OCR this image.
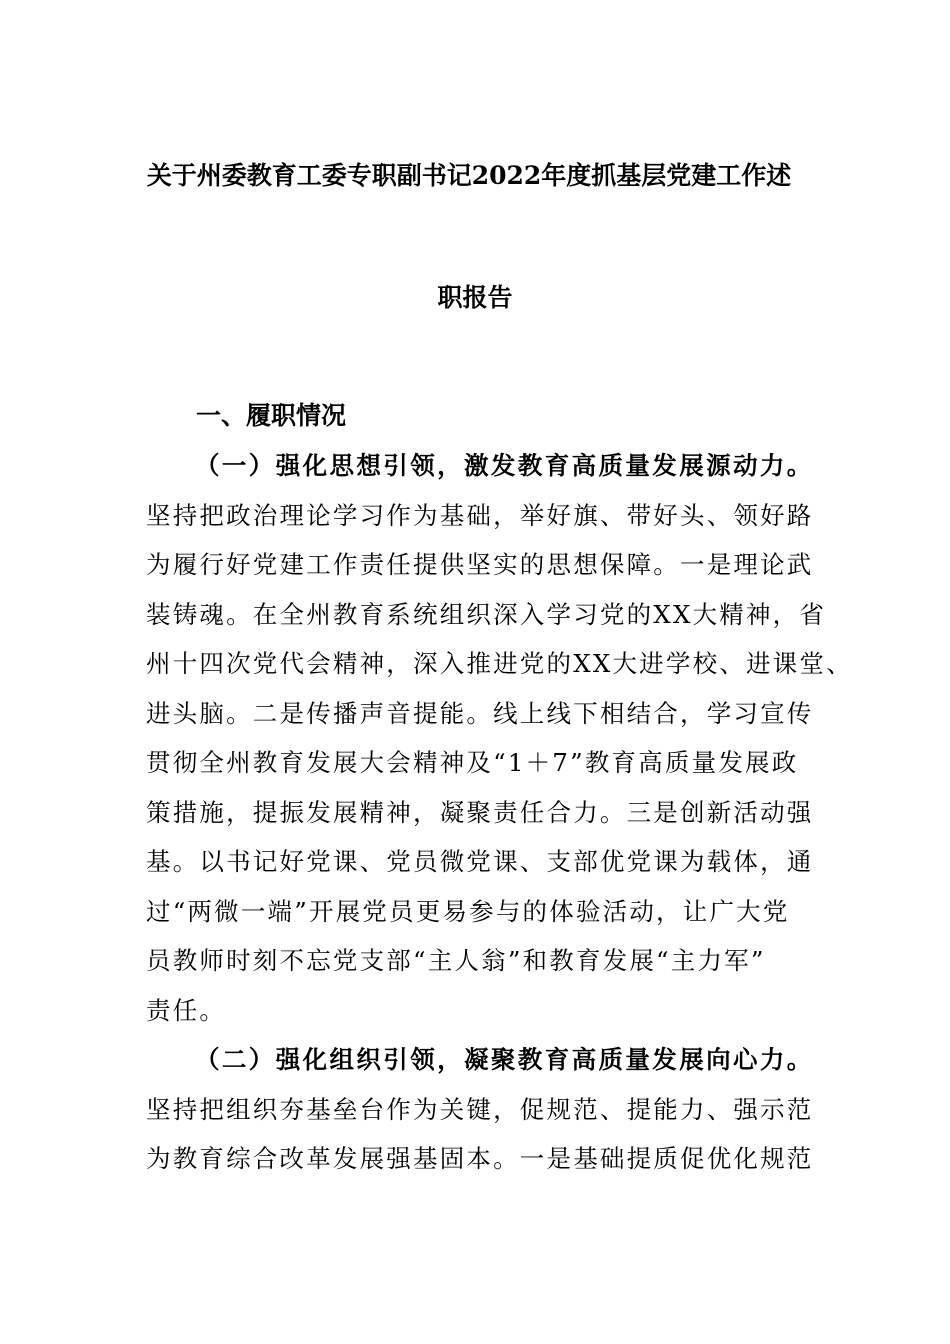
关于州委教育工委专职副书记2022年度抓基层党建工作述
职报告
一、履职情况
（一）强化思想引领，激发教育高质量发展源动力。
坚持把政治理论学习作为基础，举好旗、带好头、领好路
为履行好党建工作责任提供坚实的思想保障。一是理论武
装铸魂。在全州教育系统组织深入学习党的XX大精神，省
州十四次党代会精神，深入推进党的XX大进学校、进课堂、
进头脑。二是传播声音提能。线上线下相结合，学习宣传
贯彻全州教育发展大会精神及“1＋7”教育高质量发展政
策措施，提振发展精神，凝聚责任合力。三是创新活动强
基。以书记好党课、党员微党课、支部优党课为载体，通
过“两微一端”开展党员更易参与的体验活动，让广大党
员教师时刻不忘党支部“主人翁”和教育发展“主力军”
责任。
（二）强化组织引领，凝聚教育高质量发展向心力。
坚持把组织夯基垒台作为关键，促规范、提能力、强示范
为教育综合改革发展强基固本。一是基础提质促优化规范
